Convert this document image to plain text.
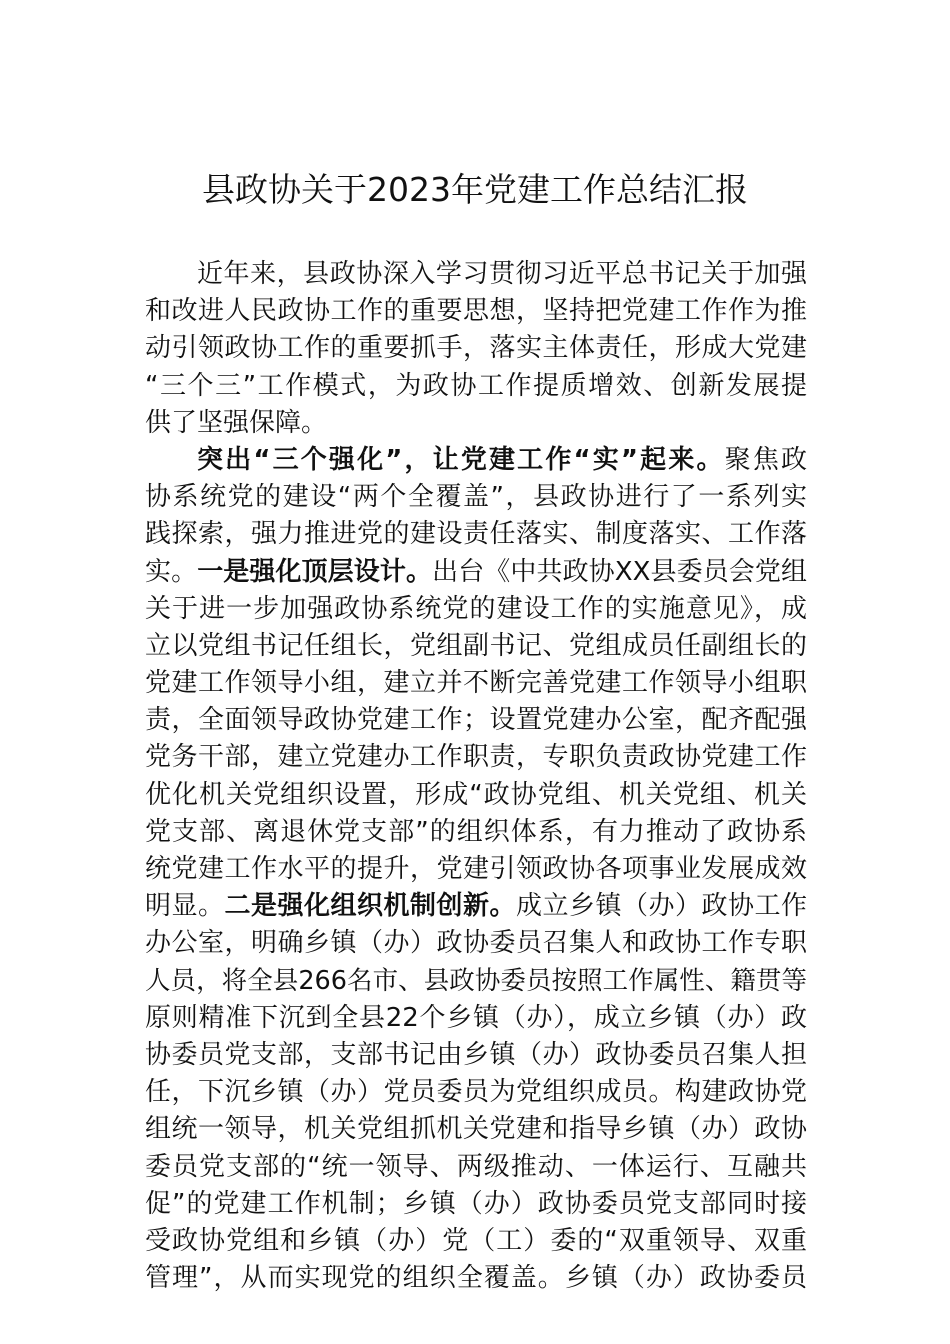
县政协关于2023年党建工作总结汇报
近年来，县政协深入学习贯彻习近平总书记关于加强
和改进人民政协工作的重要思想，坚持把党建工作作为推
动引领政协工作的重要抓手，落实主体责任，形成大党建
“三个三”工作模式，为政协工作提质增效、创新发展提
供了坚强保障。
突出“三个强化”，让党建工作“实”起来。聚焦政
协系统党的建设“两个全覆盖”，县政协进行了一系列实
践探索，强力推进党的建设责任落实、制度落实、工作落
实。一是强化顶层设计。出台《中共政协XX县委员会党组
关于进一步加强政协系统党的建设工作的实施意见》，成
立以党组书记任组长，党组副书记、党组成员任副组长的
党建工作领导小组，建立并不断完善党建工作领导小组职
责，全面领导政协党建工作；设置党建办公室，配齐配强
党务干部，建立党建办工作职责，专职负责政协党建工作
优化机关党组织设置，形成“政协党组、机关党组、机关
党支部、离退休党支部”的组织体系，有力推动了政协系
统党建工作水平的提升，党建引领政协各项事业发展成效
明显。二是强化组织机制创新。成立乡镇（办）政协工作
办公室，明确乡镇（办）政协委员召集人和政协工作专职
人员，将全县266名市、县政协委员按照工作属性、籍贯等
原则精准下沉到全县22个乡镇（办），成立乡镇（办）政
协委员党支部，支部书记由乡镇（办）政协委员召集人担
任，下沉乡镇（办）党员委员为党组织成员。构建政协党
组统一领导，机关党组抓机关党建和指导乡镇（办）政协
委员党支部的“统一领导、两级推动、一体运行、互融共
促”的党建工作机制；乡镇（办）政协委员党支部同时接
受政协党组和乡镇（办）党（工）委的“双重领导、双重
管理”，从而实现党的组织全覆盖。乡镇（办）政协委员
